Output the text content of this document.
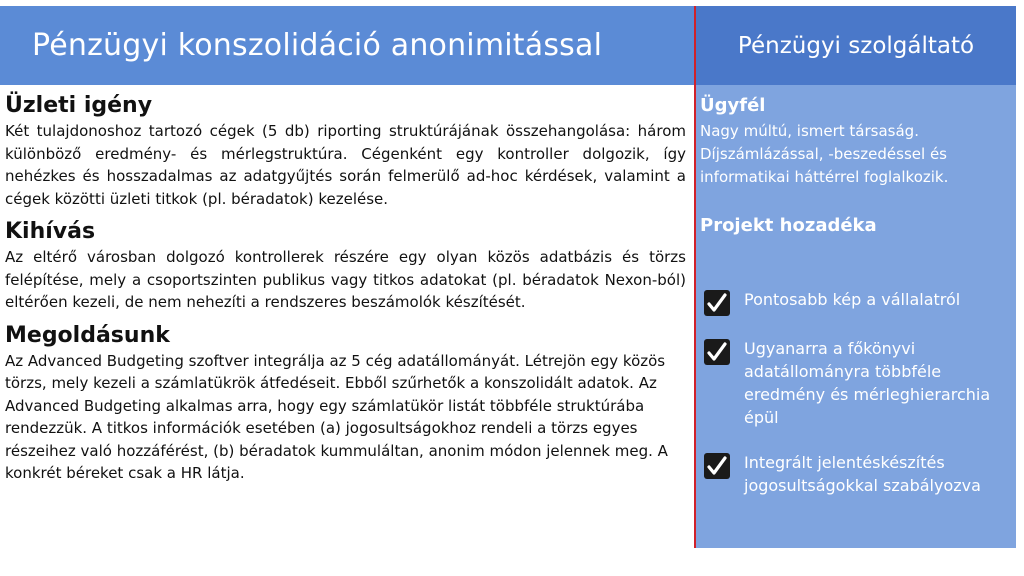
Pénzügyi konszolidáció anonimitással	Pénzügyi szolgáltató
Üzleti igény

Két tulajdonoshoz tartozó cégek (5 db) riporting struktúrájának összehangolása: három különböző eredmény- és mérlegstruktúra. Cégenként egy kontroller dolgozik, így nehézkes és hosszadalmas az adatgyűjtés során felmerülő ad-hoc kérdések, valamint a cégek közötti üzleti titkok (pl. béradatok) kezelése.

Kihívás

Az eltérő városban dolgozó kontrollerek részére egy olyan közös adatbázis és törzs felépítése, mely a csoportszinten publikus vagy titkos adatokat (pl. béradatok Nexon-ból) eltérően kezeli, de nem nehezíti a rendszeres beszámolók készítését.

Megoldásunk

Az Advanced Budgeting szoftver integrálja az 5 cég adatállományát. Létrejön egy közös törzs, mely kezeli a számlatükrök átfedéseit. Ebből szűrhetők a konszolidált adatok. Az Advanced Budgeting alkalmas arra, hogy egy számlatükör listát többféle struktúrába rendezzük. A titkos információk esetében (a) jogosultságokhoz rendeli a törzs egyes részeihez való hozzáférést, (b) béradatok kummuláltan, anonim módon jelennek meg. A konkrét béreket csak a HR látja.

Ügyfél
Nagy múltú, ismert társaság. Díjszámlázással, -beszedéssel és informatikai háttérrel foglalkozik.
Projekt hozadéka
Pontosabb kép a vállalatról
Ugyanarra a főkönyvi adatállományra többféle eredmény és mérleghierarchia épül
Integrált jelentéskészítés jogosultságokkal szabályozva
